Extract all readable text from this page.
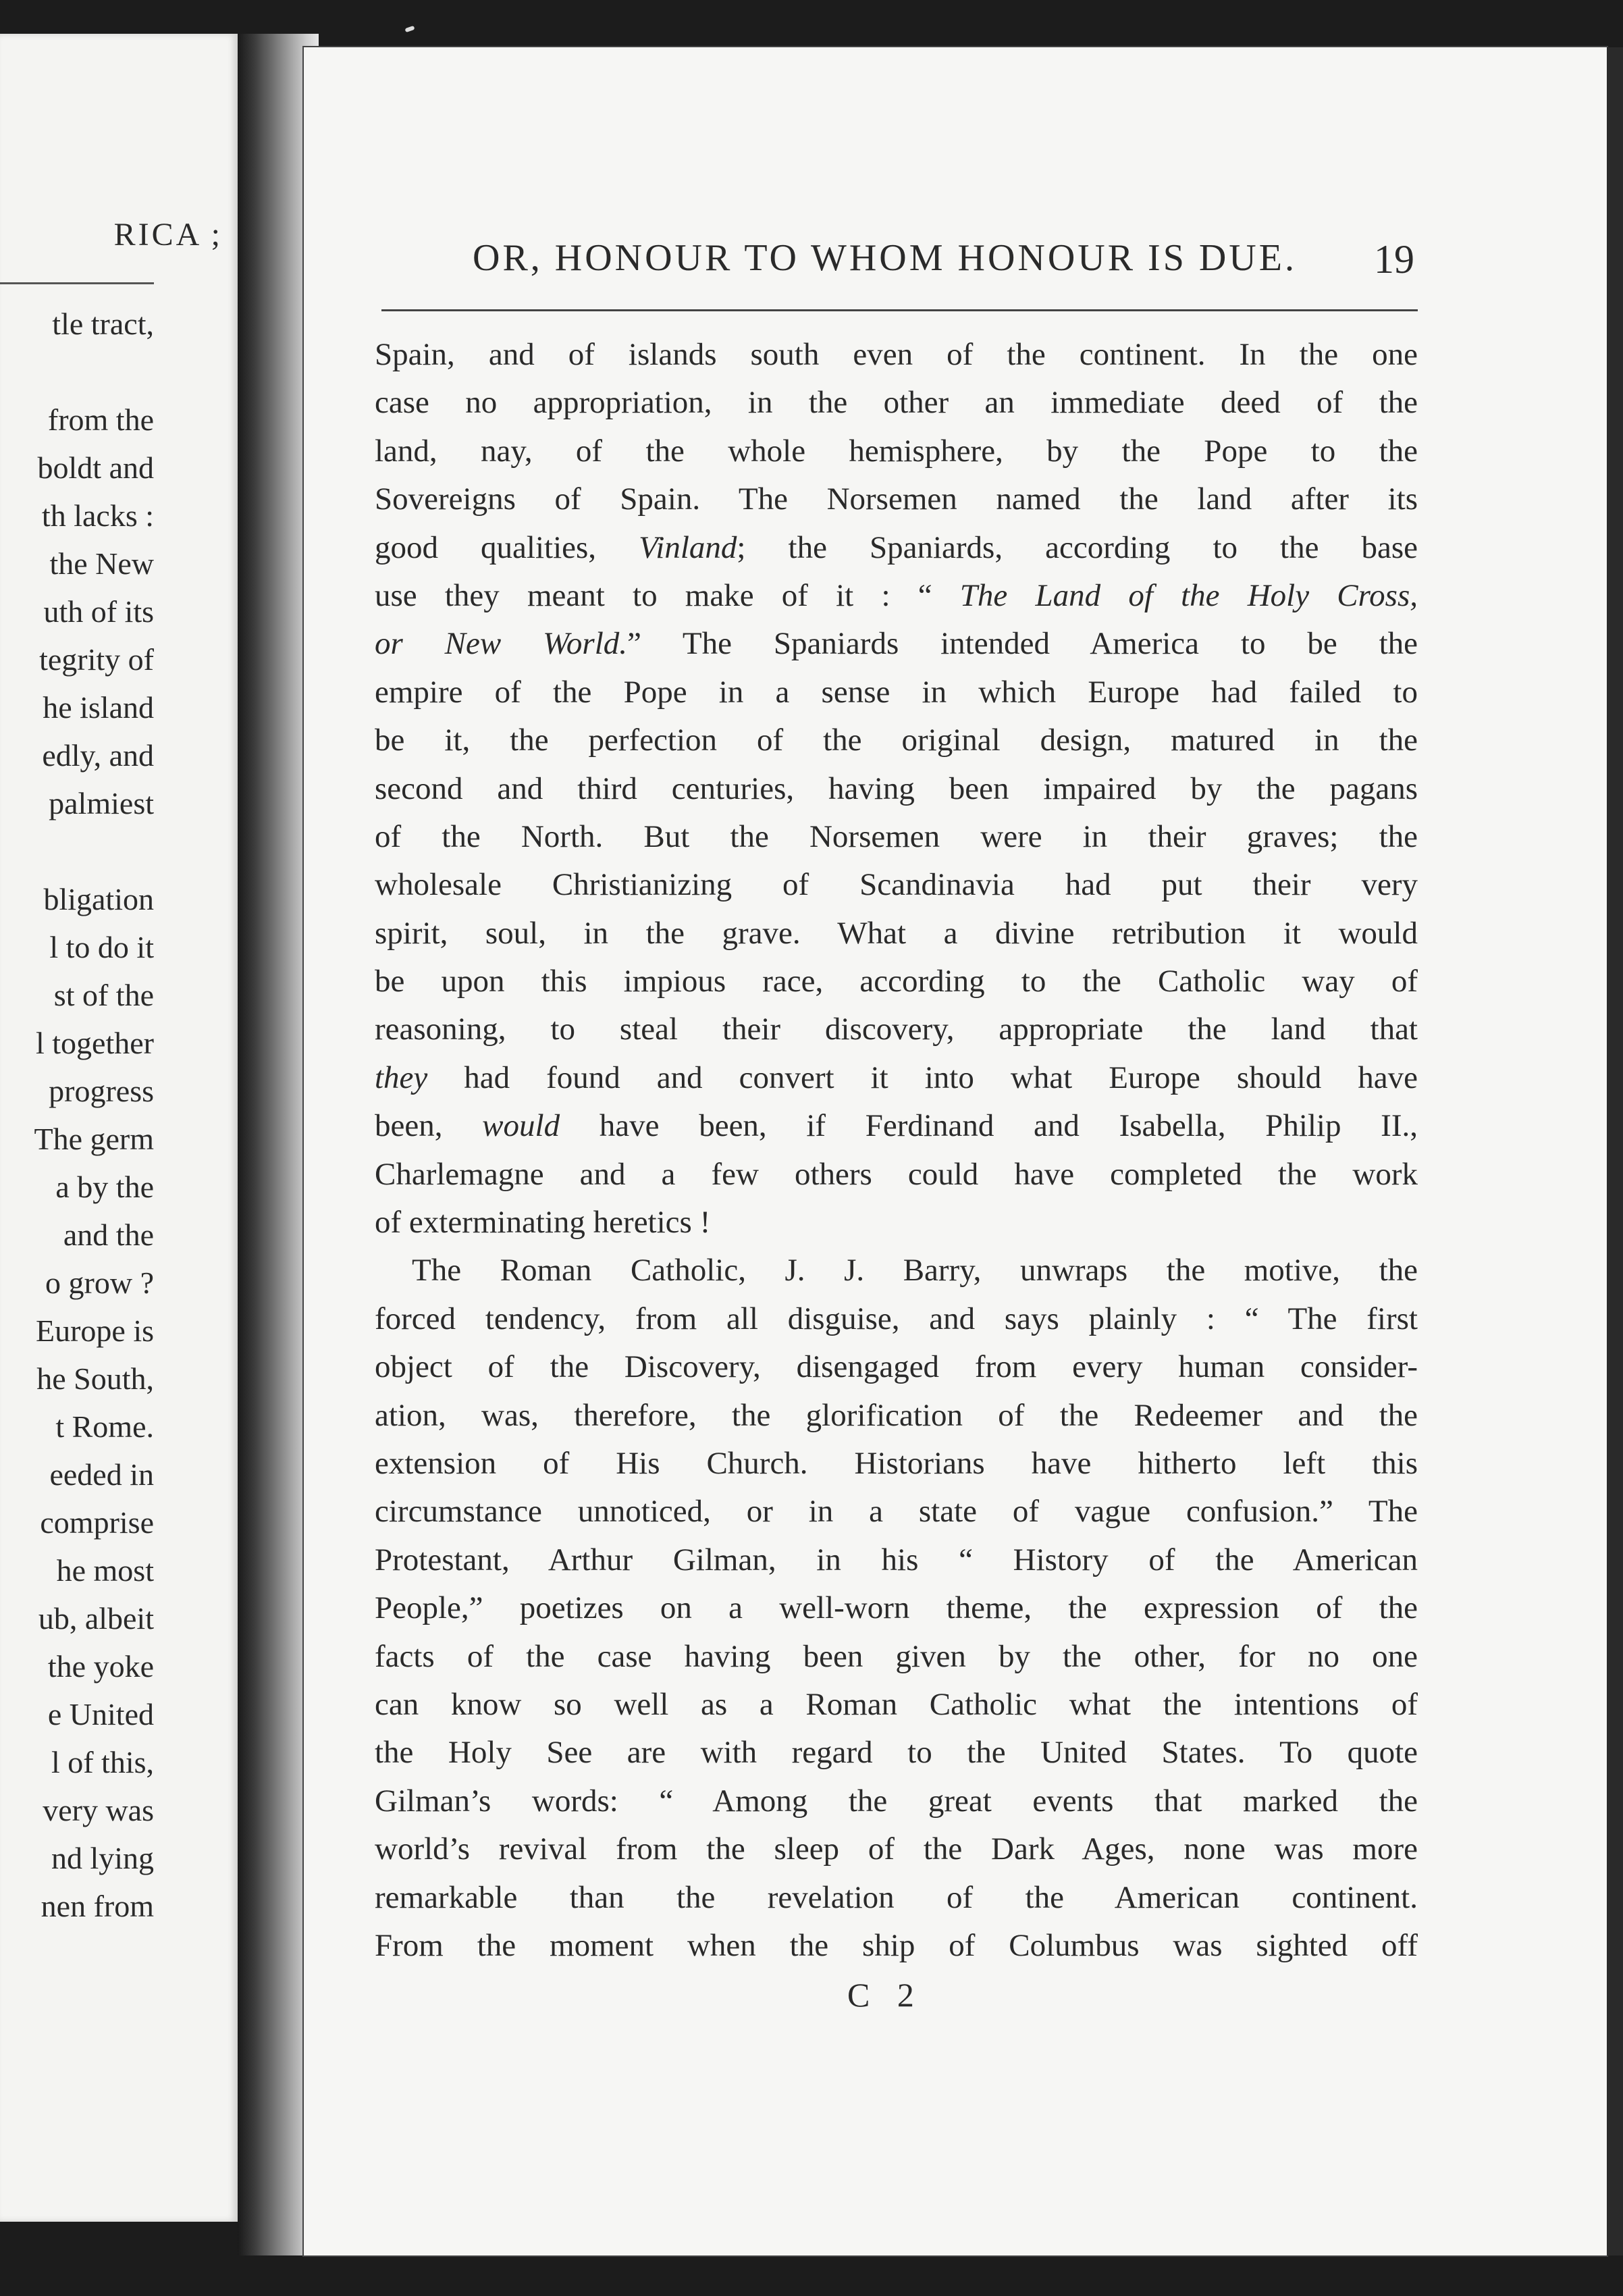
RICA ;
tle tract,
from the
boldt and
th lacks :
the New
uth of its
tegrity of
he island
edly, and
palmiest
bligation
l to do it
st of the
l together
progress
The germ
a by the
and the
o grow ?
Europe is
he South,
t Rome.
eeded in
comprise
he most
ub, albeit
the yoke
e United
l of this,
very was
nd lying
nen from
OR, HONOUR TO WHOM HONOUR IS DUE.	19
Spain, and of islands south even of the continent. In the one
case no appropriation, in the other an immediate deed of the
land, nay, of the whole hemisphere, by the Pope to the
Sovereigns of Spain. The Norsemen named the land after its
good qualities, Vinland; the Spaniards, according to the base
use they meant to make of it : “ The Land of the Holy Cross,
or New World.” The Spaniards intended America to be the
empire of the Pope in a sense in which Europe had failed to
be it, the perfection of the original design, matured in the
second and third centuries, having been impaired by the pagans
of the North. But the Norsemen were in their graves; the
wholesale Christianizing of Scandinavia had put their very
spirit, soul, in the grave. What a divine retribution it would
be upon this impious race, according to the Catholic way of
reasoning, to steal their discovery, appropriate the land that
they had found and convert it into what Europe should have
been, would have been, if Ferdinand and Isabella, Philip II.,
Charlemagne and a few others could have completed the work
of exterminating heretics !
The Roman Catholic, J. J. Barry, unwraps the motive, the
forced tendency, from all disguise, and says plainly : “ The first
object of the Discovery, disengaged from every human consider-
ation, was, therefore, the glorification of the Redeemer and the
extension of His Church. Historians have hitherto left this
circumstance unnoticed, or in a state of vague confusion.” The
Protestant, Arthur Gilman, in his “ History of the American
People,” poetizes on a well-worn theme, the expression of the
facts of the case having been given by the other, for no one
can know so well as a Roman Catholic what the intentions of
the Holy See are with regard to the United States. To quote
Gilman’s words: “ Among the great events that marked the
world’s revival from the sleep of the Dark Ages, none was more
remarkable than the revelation of the American continent.
From the moment when the ship of Columbus was sighted off
C 2
